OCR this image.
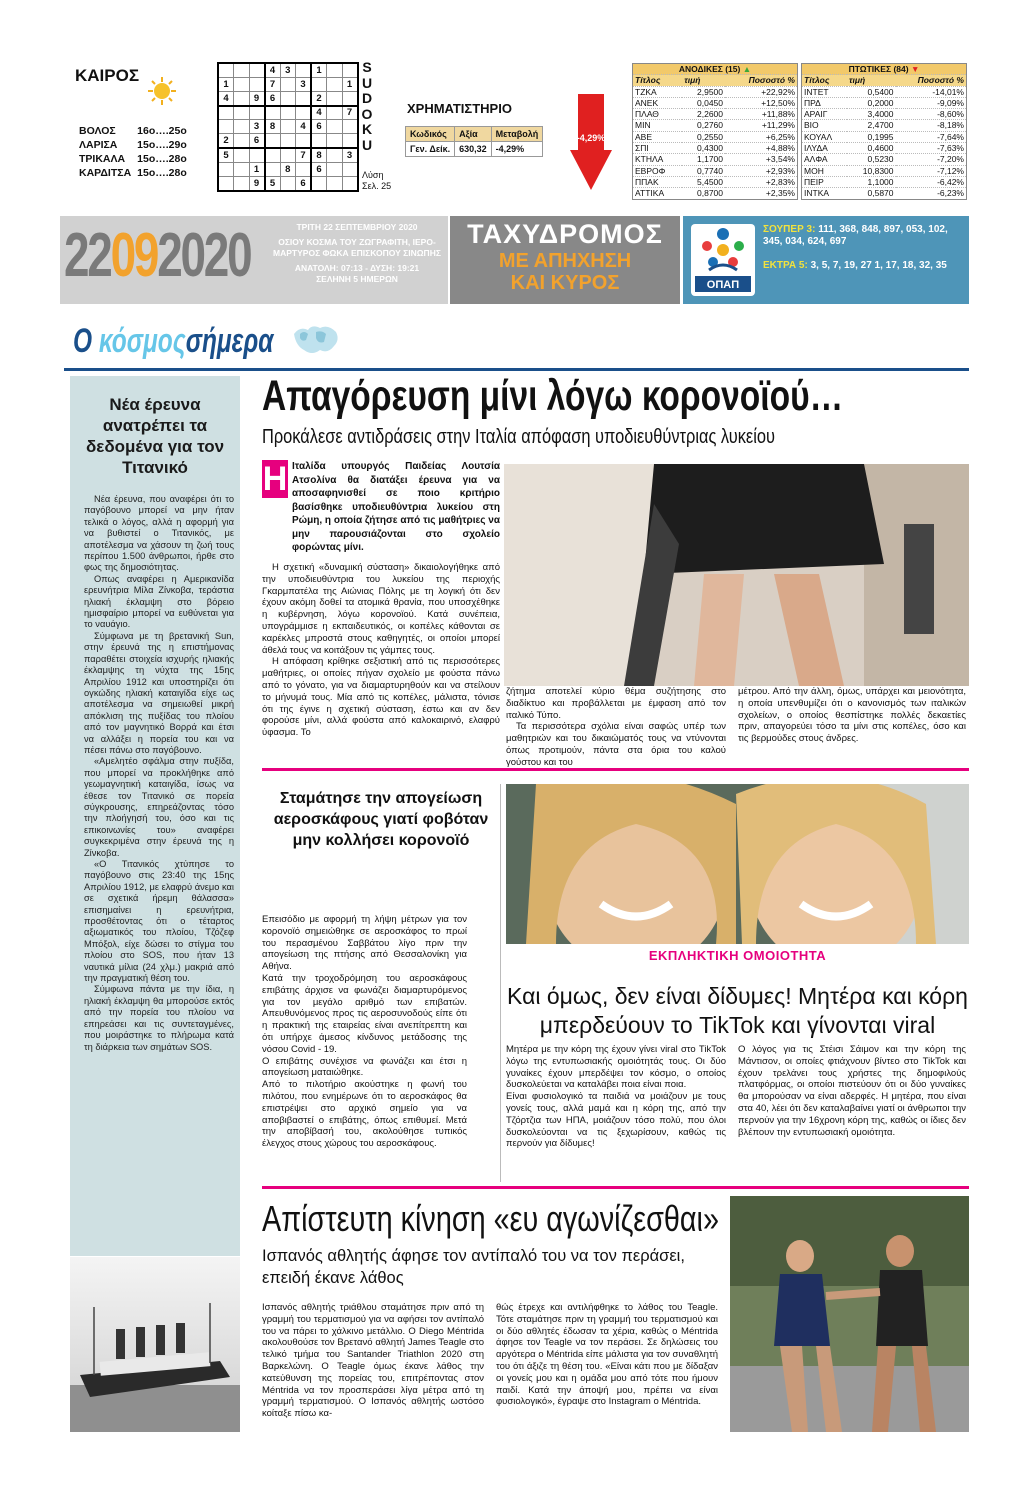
ΚΑΙΡΟΣ
ΒΟΛΟΣ	16ο….25ο
ΛΑΡΙΣΑ	15ο….29ο
ΤΡΙΚΑΛΑ	15ο….28ο
ΚΑΡΔΙΤΣΑ	15ο….28ο
			4	3		1		
1			7		3			1
4		9	6			2		
						4		7
		3	8		4	6		
2		6						
5					7	8		3
		1		8		6		
		9	5		6			
S
U
D
O
K
U
Λύση
Σελ. 25
ΧΡΗΜΑΤΙΣΤΗΡΙΟ
Κωδικός	Αξία	Μεταβολή
Γεν. Δείκ.	630,32	-4,29%
-4,29%
ΑΝΟΔΙΚΕΣ (15) ▲		
Τίτλος	τιμή	Ποσοστό %
ΤΖΚΑ	2,9500	+22,92%
ΑΝΕΚ	0,0450	+12,50%
ΠΛΑΘ	2,2600	+11,88%
ΜΙΝ	0,2760	+11,29%
ΑΒΕ	0,2550	+6,25%
ΣΠΙ	0,4300	+4,88%
ΚΤΗΛΑ	1,1700	+3,54%
ΕΒΡΟΦ	0,7740	+2,93%
ΠΠΑΚ	5,4500	+2,83%
ΑΤΤΙΚΑ	0,8700	+2,35%
ΠΤΩΤΙΚΕΣ (84) ▼		
Τίτλος	τιμή	Ποσοστό %
ΙΝΤΕΤ	0,5400	-14,01%
ΠΡΔ	0,2000	-9,09%
ΑΡΑΙΓ	3,4000	-8,60%
ΒΙΟ	2,4700	-8,18%
ΚΟΥΑΛ	0,1995	-7,64%
ΙΛΥΔΑ	0,4600	-7,63%
ΑΛΦΑ	0,5230	-7,20%
ΜΟΗ	10,8300	-7,12%
ΠΕΙΡ	1,1000	-6,42%
ΙΝΤΚΑ	0,5870	-6,23%
22092020	ΤΡΙΤΗ 22 ΣΕΠΤΕΜΒΡΙΟΥ 2020
ΟΣΙΟΥ ΚΟΣΜΑ ΤΟΥ ΖΩΓΡΑΦΙΤΗ, ΙΕΡΟ-ΜΑΡΤΥΡΟΣ ΦΩΚΑ ΕΠΙΣΚΟΠΟΥ ΣΙΝΩΠΗΣ
ΑΝΑΤΟΛΗ: 07:13 - ΔΥΣΗ: 19:21
ΣΕΛΗΝΗ 5 ΗΜΕΡΩΝ
ΤΑΧΥΔΡΟΜΟΣ
ΜΕ ΑΠΗΧΗΣΗ
ΚΑΙ ΚΥΡΟΣ	ΟΠΑΠ
ΣΟΥΠΕΡ 3: 111, 368, 848, 897, 053, 102, 345, 034, 624, 697
ΕΚΤΡΑ 5: 3, 5, 7, 19, 27 1, 17, 18, 32, 35
Ο κόσμοςσήμερα
Νέα έρευνα ανατρέπει τα δεδομένα για τον Τιτανικό

Νέα έρευνα, που αναφέρει ότι το παγόβουνο μπορεί να μην ήταν τελικά ο λόγος, αλλά η αφορμή για να βυθιστεί ο Τιτανικός, με αποτέλεσμα να χάσουν τη ζωή τους περίπου 1.500 άνθρωποι, ήρθε στο φως της δημοσιότητας.

Οπως αναφέρει η Αμερικανίδα ερευνήτρια Μίλα Ζίνκοβα, τεράστια ηλιακή έκλαμψη στο βόρειο ημισφαίριο μπορεί να ευθύνεται για το ναυάγιο.

Σύμφωνα με τη βρετανική Sun, στην έρευνά της η επιστήμονας παραθέτει στοιχεία ισχυρής ηλιακής έκλαμψης τη νύχτα της 15ης Απριλίου 1912 και υποστηρίζει ότι ογκώδης ηλιακή καταιγίδα είχε ως αποτέλεσμα να σημειωθεί μικρή απόκλιση της πυξίδας του πλοίου από τον μαγνητικό Βορρά και έτσι να αλλάξει η πορεία του και να πέσει πάνω στο παγόβουνο.

«Αμελητέο σφάλμα στην πυξίδα, που μπορεί να προκλήθηκε από γεωμαγνητική καταιγίδα, ίσως να έθεσε τον Τιτανικό σε πορεία σύγκρουσης, επηρεάζοντας τόσο την πλοήγησή του, όσο και τις επικοινωνίες του» αναφέρει συγκεκριμένα στην έρευνά της η Ζίνκοβα.

«Ο Τιτανικός χτύπησε το παγόβουνο στις 23:40 της 15ης Απριλίου 1912, με ελαφρύ άνεμο και σε σχετικά ήρεμη θάλασσα» επισημαίνει η ερευνήτρια, προσθέτοντας ότι ο τέταρτος αξιωματικός του πλοίου, Τζόζεφ Μπόξολ, είχε δώσει το στίγμα του πλοίου στο SOS, που ήταν 13 ναυτικά μίλια (24 χλμ.) μακριά από την πραγματική θέση του.

Σύμφωνα πάντα με την ίδια, η ηλιακή έκλαμψη θα μπορούσε εκτός από την πορεία του πλοίου να επηρεάσει και τις συντεταγμένες, που μοιράστηκε το πλήρωμα κατά τη διάρκεια των σημάτων SOS.

Απαγόρευση μίνι λόγω κορονοϊού…
Προκάλεσε αντιδράσεις στην Ιταλία απόφαση υποδιευθύντριας λυκείου
Ιταλίδα υπουργός Παιδείας Λουτσία Ατσολίνα θα διατάξει έρευνα για να αποσαφηνισθεί σε ποιο κριτήριο βασίσθηκε υποδιευθύντρια λυκείου στη Ρώμη, η οποία ζήτησε από τις μαθήτριες να μην παρουσιάζονται στο σχολείο φορώντας μίνι.
Η

Η σχετική «δυναμική σύσταση» δικαιολογήθηκε από την υποδιευθύντρια του λυκείου της περιοχής Γκαρμπατέλα της Αιώνιας Πόλης με τη λογική ότι δεν έχουν ακόμη δοθεί τα ατομικά θρανία, που υποσχέθηκε η κυβέρνηση, λόγω κορονοϊού. Κατά συνέπεια, υπογράμμισε η εκπαιδευτικός, οι κοπέλες κάθονται σε καρέκλες μπροστά στους καθηγητές, οι οποίοι μπορεί άθελά τους να κοιτάξουν τις γάμπες τους.

Η απόφαση κρίθηκε σεξιστική από τις περισσότερες μαθήτριες, οι οποίες πήγαν σχολείο με φούστα πάνω από το γόνατο, για να διαμαρτυρηθούν και να στείλουν το μήνυμά τους. Μία από τις κοπέλες, μάλιστα, τόνισε ότι της έγινε η σχετική σύσταση, έστω και αν δεν φορούσε μίνι, αλλά φούστα από καλοκαιρινό, ελαφρύ ύφασμα. Το

ζήτημα αποτελεί κύριο θέμα συζήτησης στο διαδίκτυο και προβάλλεται με έμφαση από τον ιταλικό Τύπο.

Τα περισσότερα σχόλια είναι σαφώς υπέρ των μαθητριών και του δικαιώματός τους να ντύνονται όπως προτιμούν, πάντα στα όρια του καλού γούστου και του

μέτρου. Από την άλλη, όμως, υπάρχει και μειονότητα, η οποία υπενθυμίζει ότι ο κανονισμός των ιταλικών σχολείων, ο οποίος θεσπίστηκε πολλές δεκαετίες πριν, απαγορεύει τόσο τα μίνι στις κοπέλες, όσο και τις βερμούδες στους άνδρες.

Σταμάτησε την απογείωση αεροσκάφους γιατί φοβόταν μην κολλήσει κορονοϊό

Επεισόδιο με αφορμή τη λήψη μέτρων για τον κορονοϊό σημειώθηκε σε αεροσκάφος το πρωί του περασμένου Σαββάτου λίγο πριν την απογείωση της πτήσης από Θεσσαλονίκη για Αθήνα.

Κατά την τροχοδρόμηση του αεροσκάφους επιβάτης άρχισε να φωνάζει διαμαρτυρόμενος για τον μεγάλο αριθμό των επιβατών. Απευθυνόμενος προς τις αεροσυνοδούς είπε ότι η πρακτική της εταιρείας είναι ανεπίτρεπτη και ότι υπήρχε άμεσος κίνδυνος μετάδοσης της νόσου Covid - 19.

Ο επιβάτης συνέχισε να φωνάζει και έτσι η απογείωση ματαιώθηκε.

Από το πιλοτήριο ακούστηκε η φωνή του πιλότου, που ενημέρωνε ότι το αεροσκάφος θα επιστρέψει στο αρχικό σημείο για να αποβιβαστεί ο επιβάτης, όπως επιθυμεί. Μετά την αποβίβασή του, ακολούθησε τυπικός έλεγχος στους χώρους του αεροσκάφους.

ΕΚΠΛΗΚΤΙΚΗ ΟΜΟΙΟΤΗΤΑ
Και όμως, δεν είναι δίδυμες! Μητέρα και κόρη μπερδεύουν το TikTok και γίνονται viral

Μητέρα με την κόρη της έχουν γίνει viral στο TikTok λόγω της εντυπωσιακής ομοιότητάς τους. Οι δύο γυναίκες έχουν μπερδέψει τον κόσμο, ο οποίος δυσκολεύεται να καταλάβει ποια είναι ποια.

Είναι φυσιολογικό τα παιδιά να μοιάζουν με τους γονείς τους, αλλά μαμά και η κόρη της, από την Τζόρτζια των ΗΠΑ, μοιάζουν τόσο πολύ, που όλοι δυσκολεύονται να τις ξεχωρίσουν, καθώς τις περνούν για δίδυμες!

Ο λόγος για τις Στέισι Σάιμον και την κόρη της Μάντισον, οι οποίες φτιάχνουν βίντεο στο TikTok και έχουν τρελάνει τους χρήστες της δημοφιλούς πλατφόρμας, οι οποίοι πιστεύουν ότι οι δύο γυναίκες θα μπορούσαν να είναι αδερφές. Η μητέρα, που είναι στα 40, λέει ότι δεν καταλαβαίνει γιατί οι άνθρωποι την περνούν για την 16χρονη κόρη της, καθώς οι ίδιες δεν βλέπουν την εντυπωσιακή ομοιότητα.

Απίστευτη κίνηση «ευ αγωνίζεσθαι»
Ισπανός αθλητής άφησε τον αντίπαλό του να τον περάσει, επειδή έκανε λάθος

Ισπανός αθλητής τριάθλου σταμάτησε πριν από τη γραμμή του τερματισμού για να αφήσει τον αντίπαλό του να πάρει το χάλκινο μετάλλιο. Ο Diego Méntrida ακολουθούσε τον Βρετανό αθλητή James Teagle στο τελικό τμήμα του Santander Triathlon 2020 στη Βαρκελώνη. Ο Teagle όμως έκανε λάθος την κατεύθυνση της πορείας του, επιτρέποντας στον Méntrida να τον προσπεράσει λίγα μέτρα από τη γραμμή τερματισμού. Ο Ισπανός αθλητής ωστόσο κοίταξε πίσω κα-

θώς έτρεχε και αντιλήφθηκε το λάθος του Teagle. Τότε σταμάτησε πριν τη γραμμή του τερματισμού και οι δύο αθλητές έδωσαν τα χέρια, καθώς ο Méntrida άφησε τον Teagle να τον περάσει. Σε δηλώσεις του αργότερα ο Méntrida είπε μάλιστα για τον συναθλητή του ότι άξιζε τη θέση του. «Είναι κάτι που με δίδαξαν οι γονείς μου και η ομάδα μου από τότε που ήμουν παιδί. Κατά την άποψή μου, πρέπει να είναι φυσιολογικό», έγραψε στο Instagram ο Méntrida.
